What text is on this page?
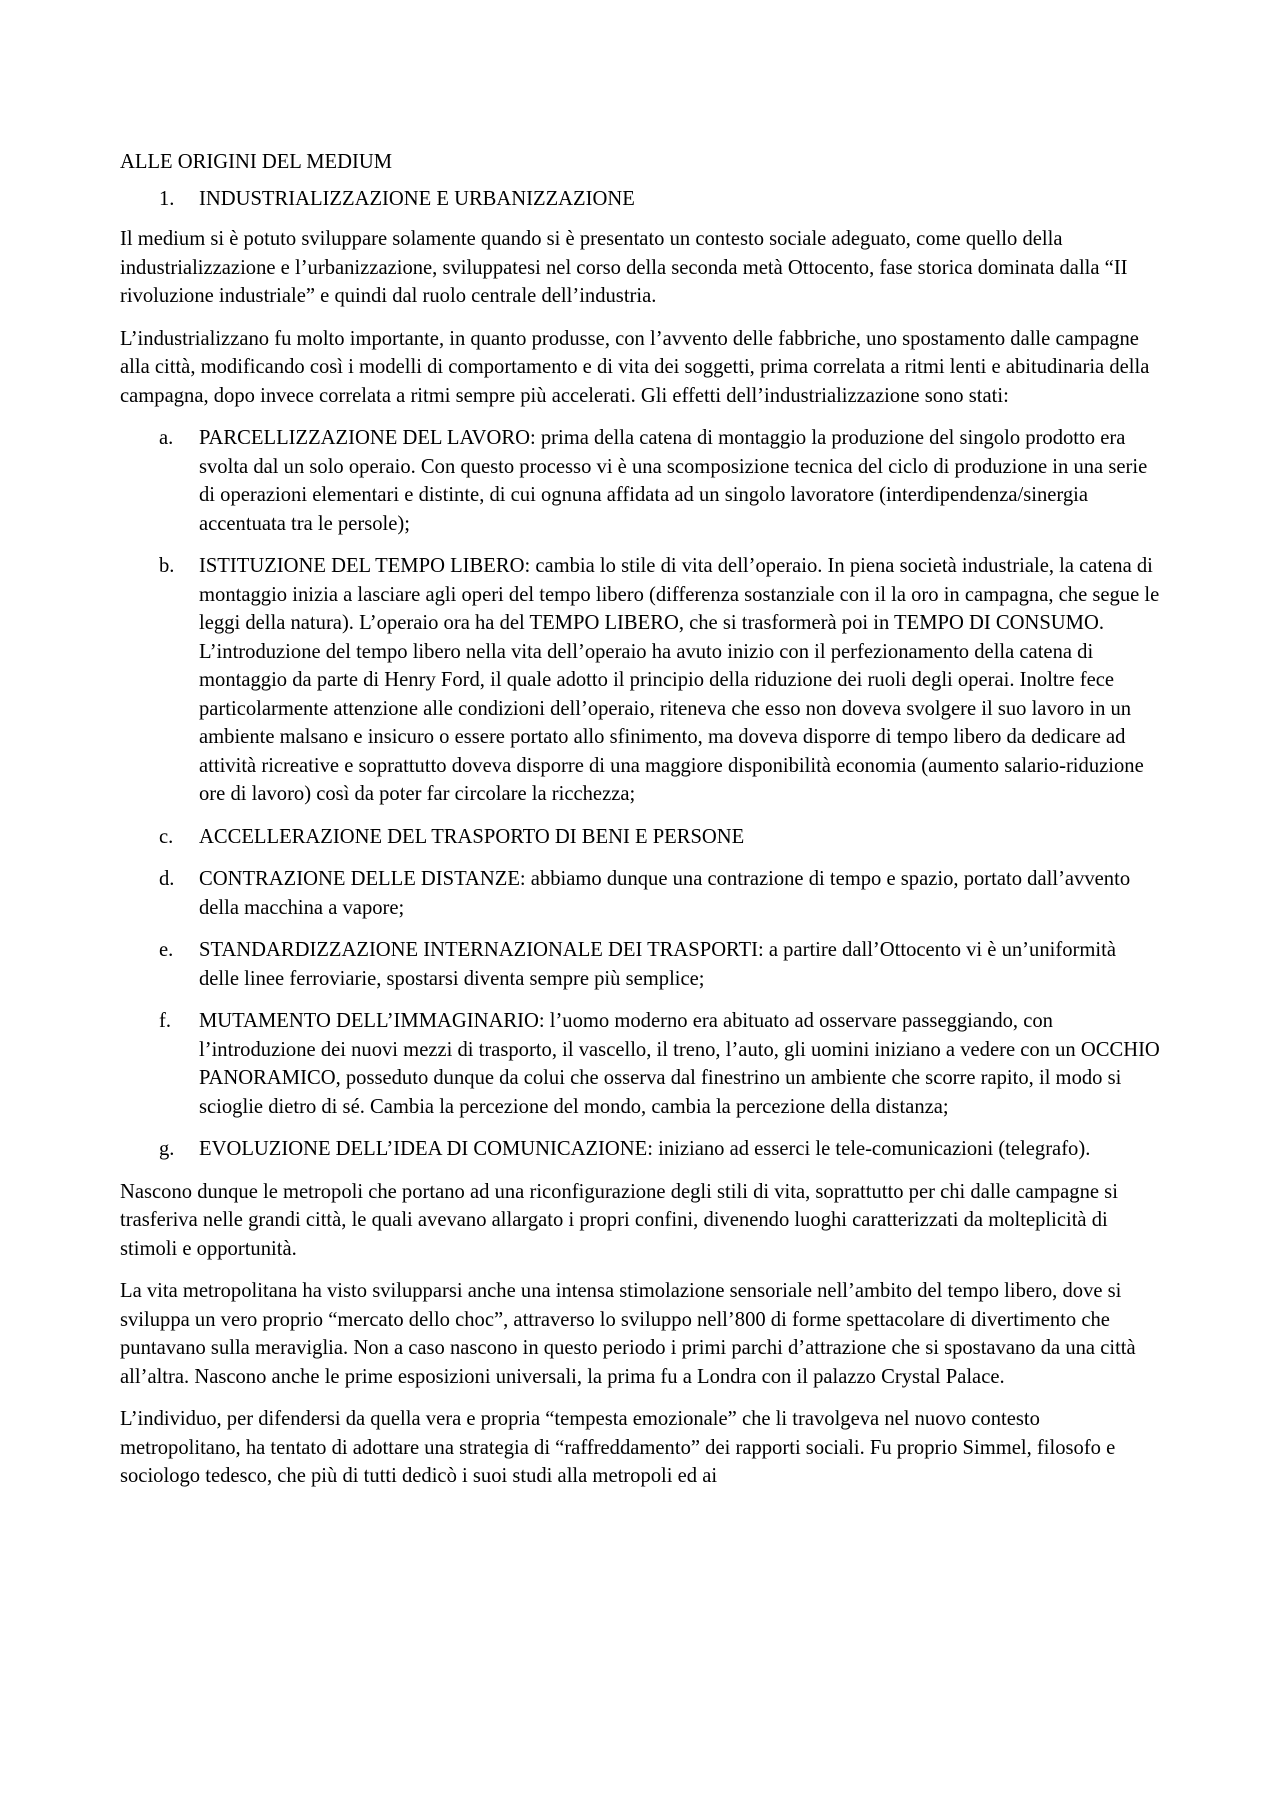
ALLE ORIGINI DEL MEDIUM
1.	INDUSTRIALIZZAZIONE E URBANIZZAZIONE

Il medium si è potuto sviluppare solamente quando si è presentato un contesto sociale adeguato, come quello della industrializzazione e l’urbanizzazione, sviluppatesi nel corso della seconda metà Ottocento, fase storica dominata dalla “II rivoluzione industriale” e quindi dal ruolo centrale dell’industria.

L’industrializzano fu molto importante, in quanto produsse, con l’avvento delle fabbriche, uno spostamento dalle campagne alla città, modificando così i modelli di comportamento e di vita dei soggetti, prima correlata a ritmi lenti e abitudinaria della campagna, dopo invece correlata a ritmi sempre più accelerati. Gli effetti dell’industrializzazione sono stati:

a. PARCELLIZZAZIONE DEL LAVORO: prima della catena di montaggio la produzione del singolo prodotto era svolta dal un solo operaio. Con questo processo vi è una scomposizione tecnica del ciclo di produzione in una serie di operazioni elementari e distinte, di cui ognuna affidata ad un singolo lavoratore (interdipendenza/sinergia accentuata tra le persole);
b. ISTITUZIONE DEL TEMPO LIBERO: cambia lo stile di vita dell’operaio. In piena società industriale, la catena di montaggio inizia a lasciare agli operi del tempo libero (differenza sostanziale con il la oro in campagna, che segue le leggi della natura). L’operaio ora ha del TEMPO LIBERO, che si trasformerà poi in TEMPO DI CONSUMO. L’introduzione del tempo libero nella vita dell’operaio ha avuto inizio con il perfezionamento della catena di montaggio da parte di Henry Ford, il quale adotto il principio della riduzione dei ruoli degli operai. Inoltre fece particolarmente attenzione alle condizioni dell’operaio, riteneva che esso non doveva svolgere il suo lavoro in un ambiente malsano e insicuro o essere portato allo sfinimento, ma doveva disporre di tempo libero da dedicare ad attività ricreative e soprattutto doveva disporre di una maggiore disponibilità economia (aumento salario-riduzione ore di lavoro) così da poter far circolare la ricchezza;
c. ACCELLERAZIONE DEL TRASPORTO DI BENI E PERSONE
d. CONTRAZIONE DELLE DISTANZE: abbiamo dunque una contrazione di tempo e spazio, portato dall’avvento della macchina a vapore;
e. STANDARDIZZAZIONE INTERNAZIONALE DEI TRASPORTI: a partire dall’Ottocento vi è un’uniformità delle linee ferroviarie, spostarsi diventa sempre più semplice;
f. MUTAMENTO DELL’IMMAGINARIO: l’uomo moderno era abituato ad osservare passeggiando, con l’introduzione dei nuovi mezzi di trasporto, il vascello, il treno, l’auto, gli uomini iniziano a vedere con un OCCHIO PANORAMICO, posseduto dunque da colui che osserva dal finestrino un ambiente che scorre rapito, il modo si scioglie dietro di sé. Cambia la percezione del mondo, cambia la percezione della distanza;
g. EVOLUZIONE DELL’IDEA DI COMUNICAZIONE: iniziano ad esserci le tele-comunicazioni (telegrafo).

Nascono dunque le metropoli che portano ad una riconfigurazione degli stili di vita, soprattutto per chi dalle campagne si trasferiva nelle grandi città, le quali avevano allargato i propri confini, divenendo luoghi caratterizzati da molteplicità di stimoli e opportunità.

La vita metropolitana ha visto svilupparsi anche una intensa stimolazione sensoriale nell’ambito del tempo libero, dove si sviluppa un vero proprio “mercato dello choc”, attraverso lo sviluppo nell’800 di forme spettacolare di divertimento che puntavano sulla meraviglia. Non a caso nascono in questo periodo i primi parchi d’attrazione che si spostavano da una città all’altra. Nascono anche le prime esposizioni universali, la prima fu a Londra con il palazzo Crystal Palace.

L’individuo, per difendersi da quella vera e propria “tempesta emozionale” che li travolgeva nel nuovo contesto metropolitano, ha tentato di adottare una strategia di “raffreddamento” dei rapporti sociali. Fu proprio Simmel, filosofo e sociologo tedesco, che più di tutti dedicò i suoi studi alla metropoli ed ai
